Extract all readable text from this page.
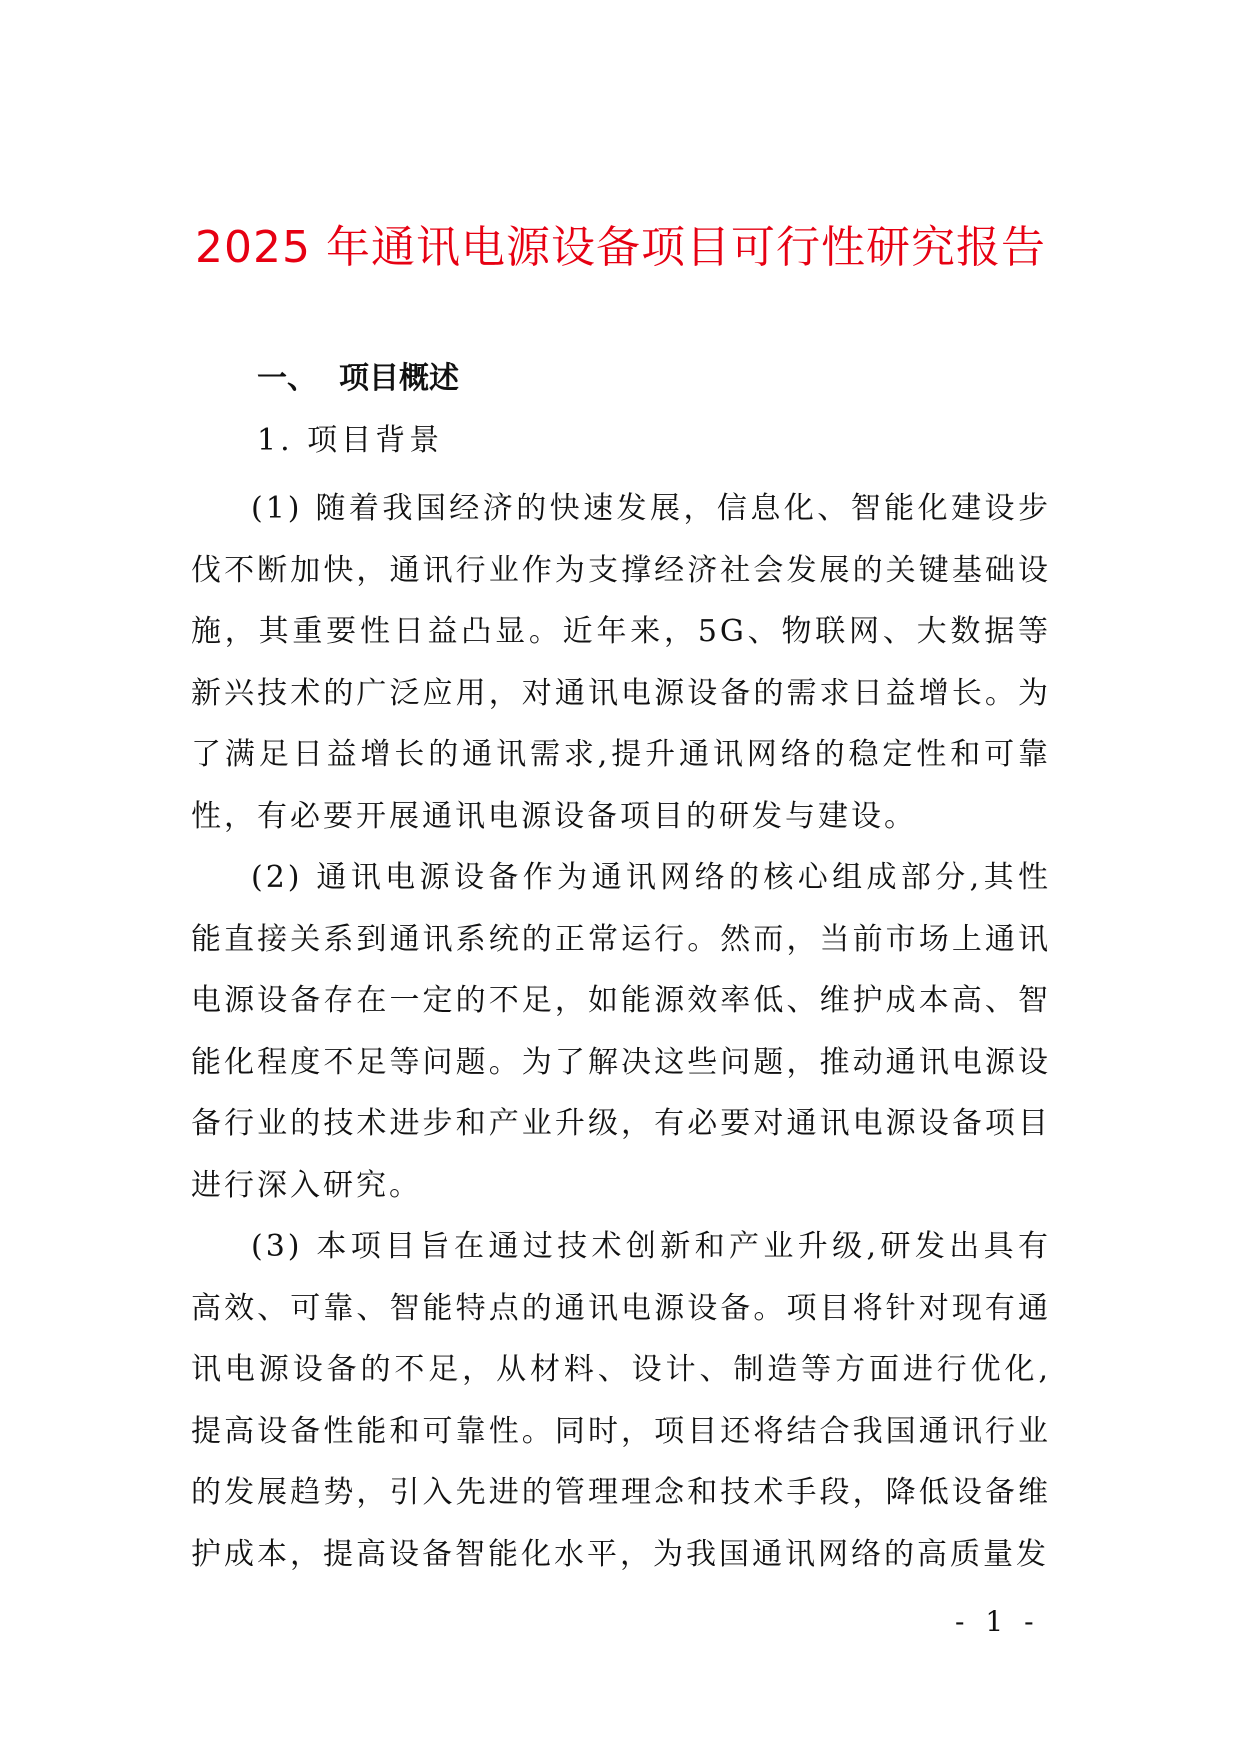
2025 年通讯电源设备项目可行性研究报告
一、 项目概述
1. 项目背景

(1) 随着我国经济的快速发展，信息化、智能化建设步伐不断加快，通讯行业作为支撑经济社会发展的关键基础设施，其重要性日益凸显。近年来，5G、物联网、大数据等新兴技术的广泛应用，对通讯电源设备的需求日益增长。为了满足日益增长的通讯需求,提升通讯网络的稳定性和可靠性，有必要开展通讯电源设备项目的研发与建设。

(2) 通讯电源设备作为通讯网络的核心组成部分,其性能直接关系到通讯系统的正常运行。然而，当前市场上通讯电源设备存在一定的不足，如能源效率低、维护成本高、智能化程度不足等问题。为了解决这些问题，推动通讯电源设备行业的技术进步和产业升级，有必要对通讯电源设备项目进行深入研究。

(3) 本项目旨在通过技术创新和产业升级,研发出具有高效、可靠、智能特点的通讯电源设备。项目将针对现有通讯电源设备的不足，从材料、设计、制造等方面进行优化,提高设备性能和可靠性。同时，项目还将结合我国通讯行业的发展趋势，引入先进的管理理念和技术手段，降低设备维护成本，提高设备智能化水平，为我国通讯网络的高质量发

- 1 -
